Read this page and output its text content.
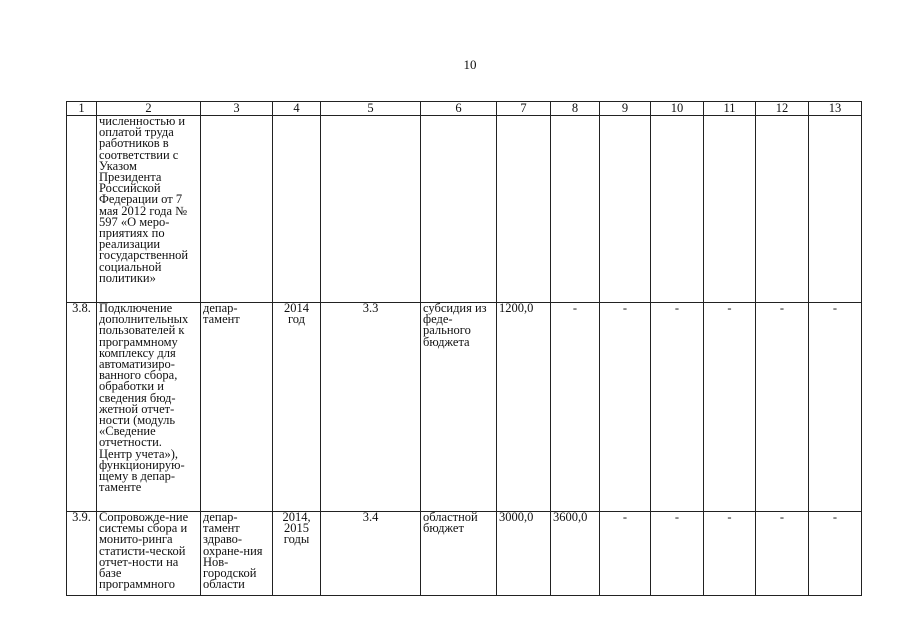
10
1	2	3	4	5	6	7	8	9	10	11	12	13
	численностью и оплатой труда работников в соответствии с Указом Президента Российской Федерации от 7 мая 2012 года № 597 «О меро-приятиях по реализации государственной социальной политики»											
3.8.	Подключение дополнительных пользователей к программному комплексу для автоматизиро-ванного сбора, обработки и сведения бюд-жетной отчет-ности (модуль «Сведение отчетности. Центр учета»), функционирую-щему в депар-таменте	депар-тамент	2014 год	3.3	субсидия из феде-рального бюджета	1200,0	-	-	-	-	-	-
3.9.	Сопровожде-ние системы сбора и монито-ринга статисти-ческой отчет-ности на базе программного	депар-тамент здраво-охране-ния Нов-городской области	2014, 2015 годы	3.4	областной бюджет	3000,0	3600,0	-	-	-	-	-
